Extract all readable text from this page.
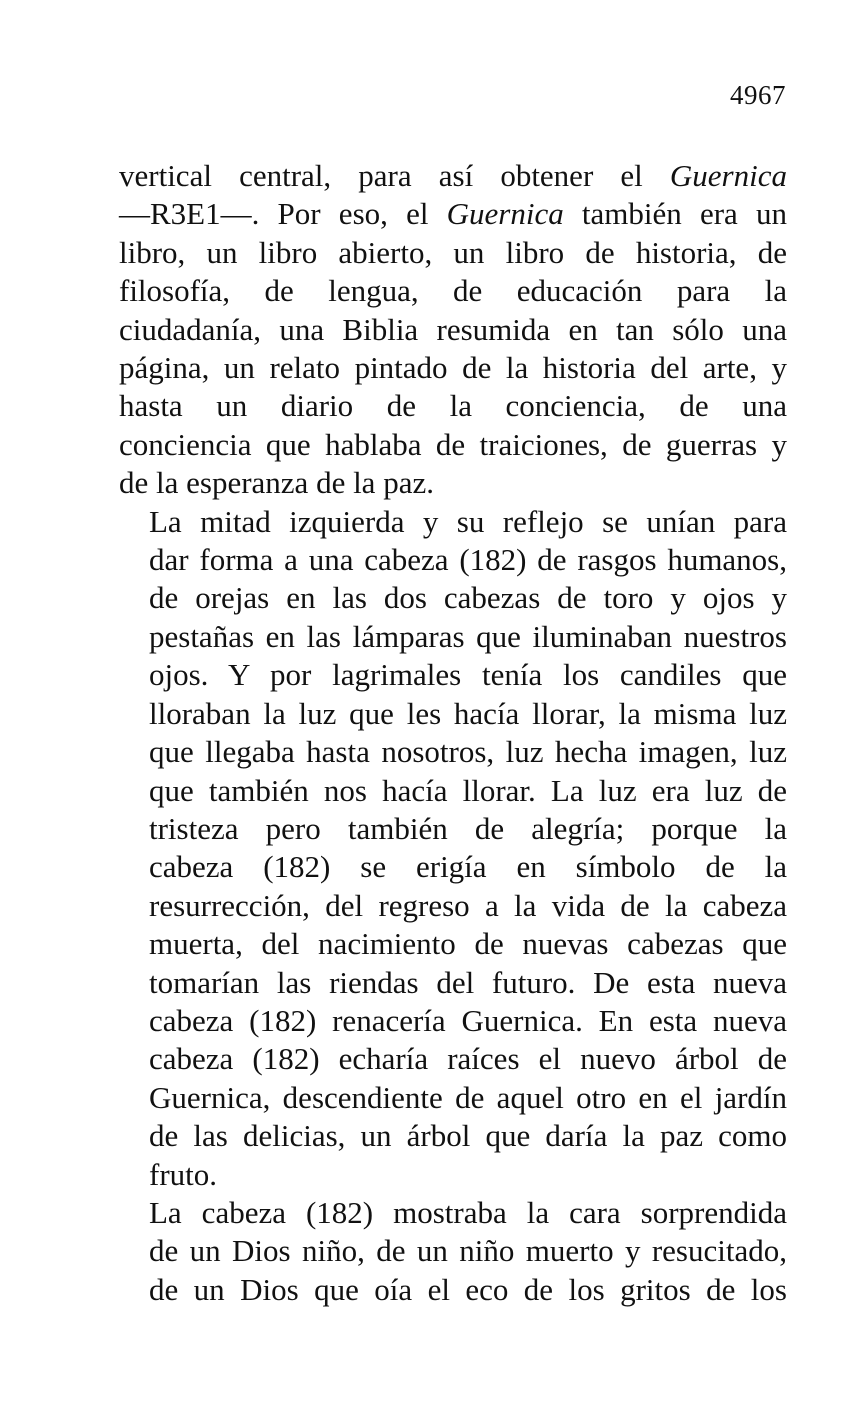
4967
vertical central, para así obtener el Guernica
—R3E1—. Por eso, el Guernica también era un
libro, un libro abierto, un libro de historia, de
filosofía, de lengua, de educación para la
ciudadanía, una Biblia resumida en tan sólo una
página, un relato pintado de la historia del arte, y
hasta un diario de la conciencia, de una
conciencia que hablaba de traiciones, de guerras y
de la esperanza de la paz.
La mitad izquierda y su reflejo se unían para
dar forma a una cabeza (182) de rasgos humanos,
de orejas en las dos cabezas de toro y ojos y
pestañas en las lámparas que iluminaban nuestros
ojos. Y por lagrimales tenía los candiles que
lloraban la luz que les hacía llorar, la misma luz
que llegaba hasta nosotros, luz hecha imagen, luz
que también nos hacía llorar. La luz era luz de
tristeza pero también de alegría; porque la
cabeza (182) se erigía en símbolo de la
resurrección, del regreso a la vida de la cabeza
muerta, del nacimiento de nuevas cabezas que
tomarían las riendas del futuro. De esta nueva
cabeza (182) renacería Guernica. En esta nueva
cabeza (182) echaría raíces el nuevo árbol de
Guernica, descendiente de aquel otro en el jardín
de las delicias, un árbol que daría la paz como
fruto.
La cabeza (182) mostraba la cara sorprendida
de un Dios niño, de un niño muerto y resucitado,
de un Dios que oía el eco de los gritos de los
